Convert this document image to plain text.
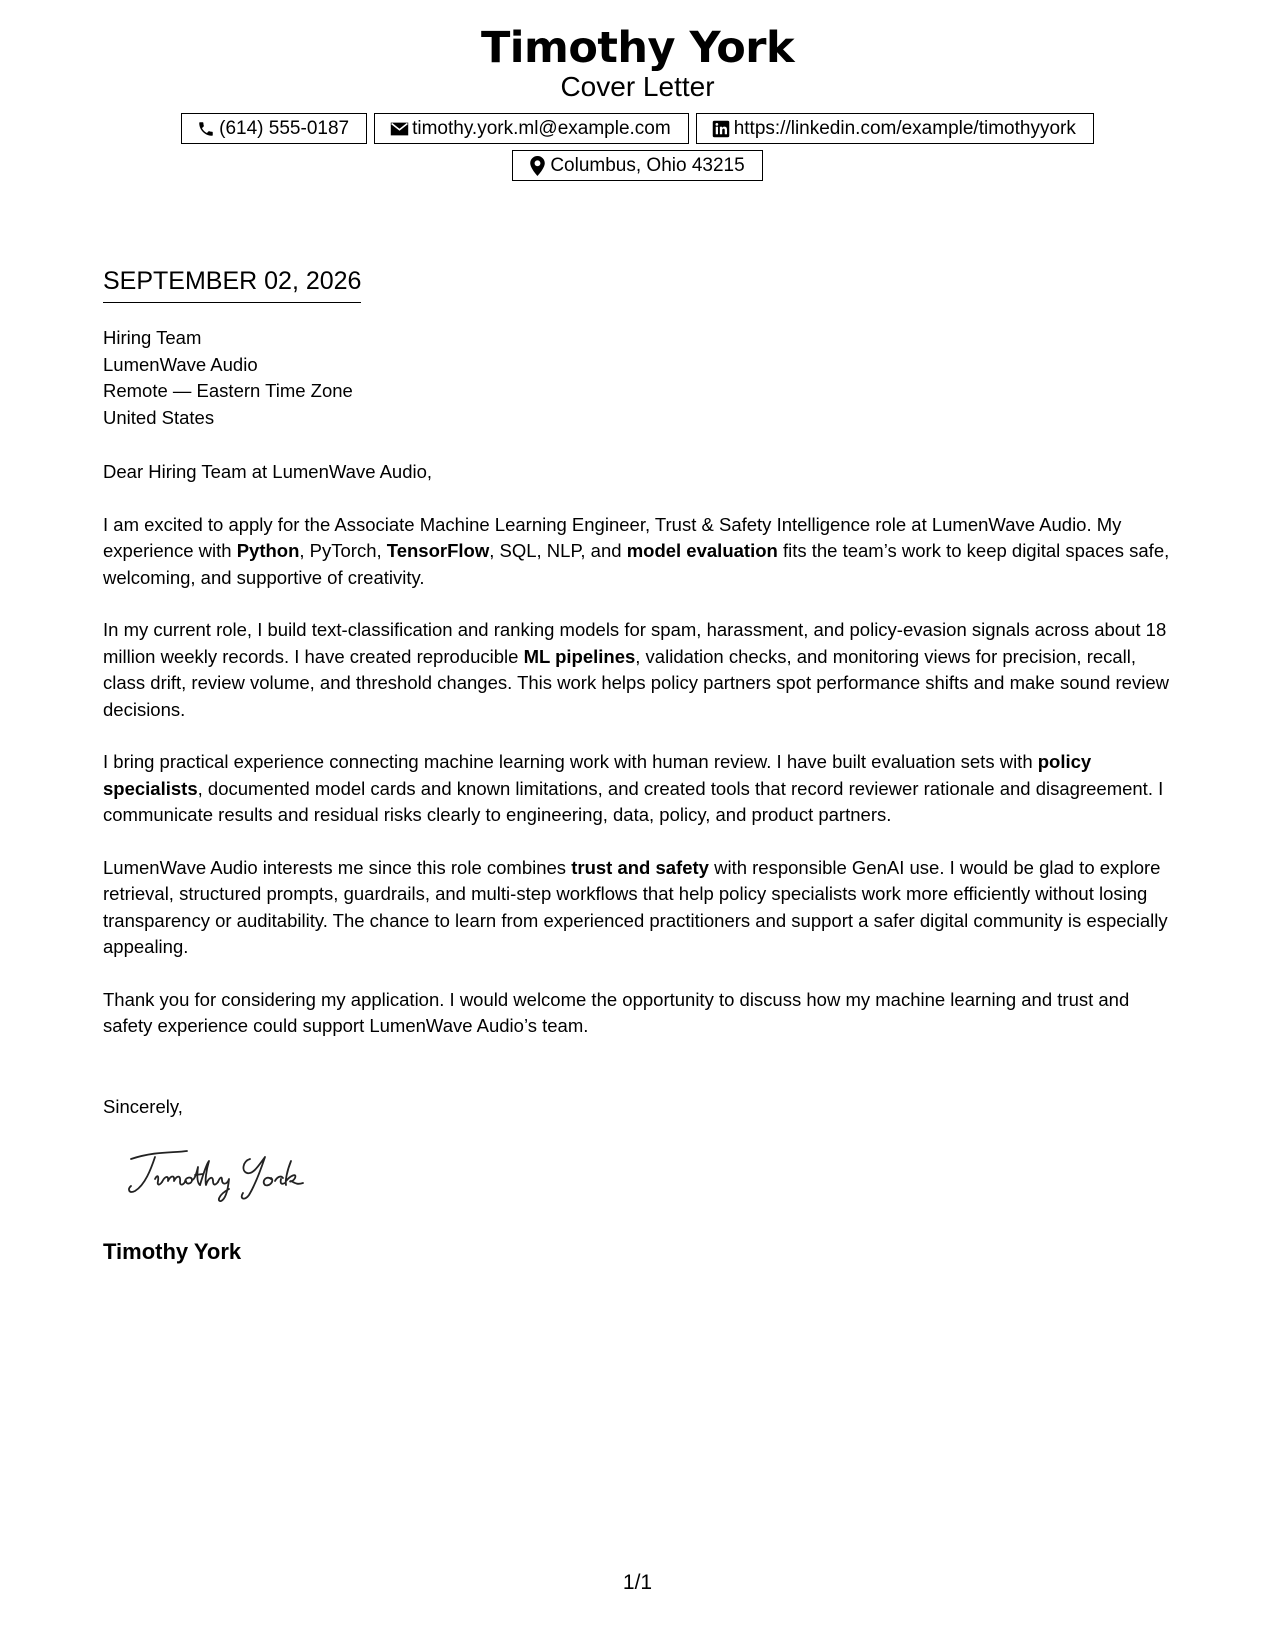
Timothy York
Cover Letter
(614) 555-0187	timothy.york.ml@example.com	https://linkedin.com/example/timothyyork
Columbus, Ohio 43215
SEPTEMBER 02, 2026
Hiring Team
LumenWave Audio
Remote — Eastern Time Zone
United States

Dear Hiring Team at LumenWave Audio,

I am excited to apply for the Associate Machine Learning Engineer, Trust & Safety Intelligence role at LumenWave Audio. My experience with Python, PyTorch, TensorFlow, SQL, NLP, and model evaluation fits the team’s work to keep digital spaces safe, welcoming, and supportive of creativity.

In my current role, I build text-classification and ranking models for spam, harassment, and policy-evasion signals across about 18 million weekly records. I have created reproducible ML pipelines, validation checks, and monitoring views for precision, recall, class drift, review volume, and threshold changes. This work helps policy partners spot performance shifts and make sound review decisions.

I bring practical experience connecting machine learning work with human review. I have built evaluation sets with policy specialists, documented model cards and known limitations, and created tools that record reviewer rationale and disagreement. I communicate results and residual risks clearly to engineering, data, policy, and product partners.

LumenWave Audio interests me since this role combines trust and safety with responsible GenAI use. I would be glad to explore retrieval, structured prompts, guardrails, and multi-step workflows that help policy specialists work more efficiently without losing transparency or auditability. The chance to learn from experienced practitioners and support a safer digital community is especially appealing.

Thank you for considering my application. I would welcome the opportunity to discuss how my machine learning and trust and safety experience could support LumenWave Audio’s team.

Sincerely,
Timothy York
1/1
